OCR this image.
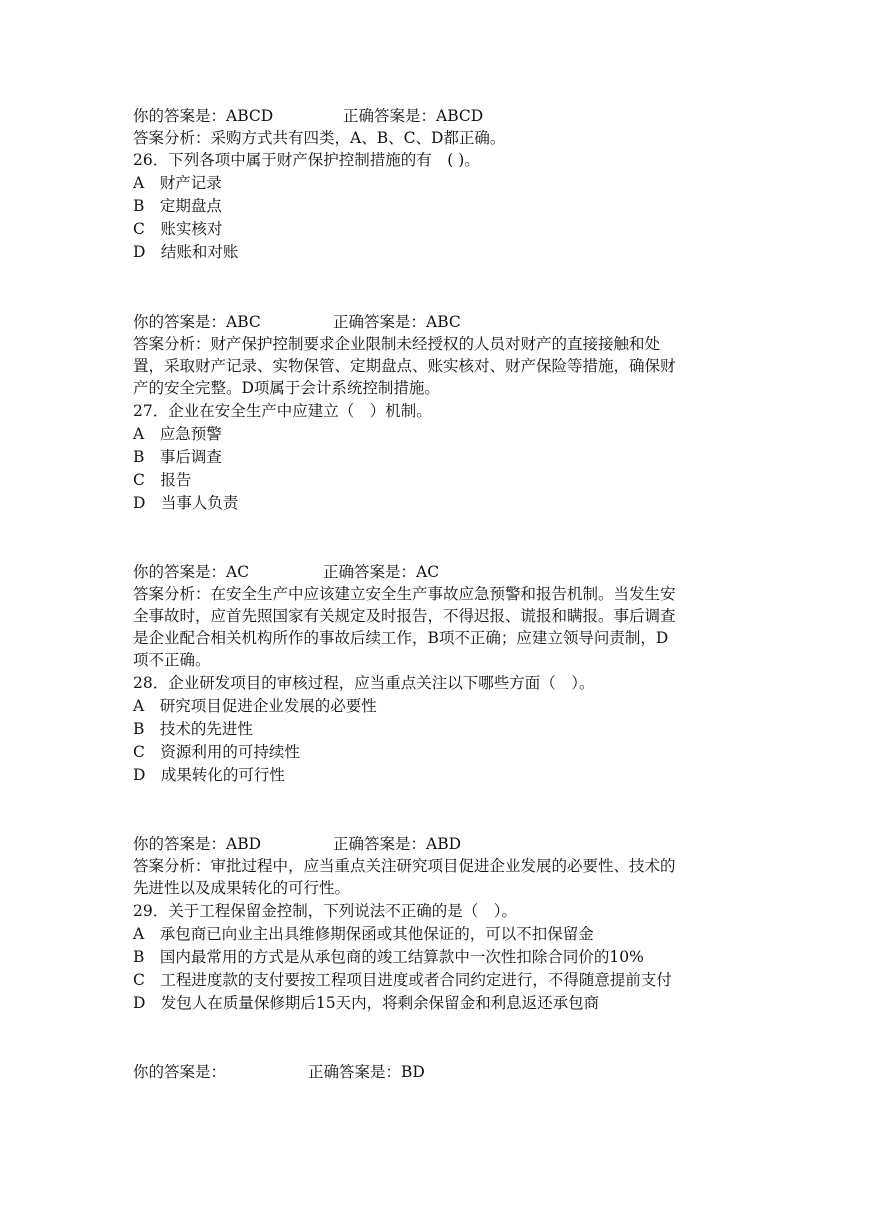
你的答案是：ABCD	正确答案是：ABCD
答案分析：采购方式共有四类，A、B、C、D都正确。
26．下列各项中属于财产保护控制措施的有　( )。
A　财产记录
B　定期盘点
C　账实核对
D　结账和对账
你的答案是：ABC	正确答案是：ABC
答案分析：财产保护控制要求企业限制未经授权的人员对财产的直接接触和处
置，采取财产记录、实物保管、定期盘点、账实核对、财产保险等措施，确保财
产的安全完整。D项属于会计系统控制措施。
27．企业在安全生产中应建立（　）机制。
A　应急预警
B　事后调查
C　报告
D　当事人负责
你的答案是：AC	正确答案是：AC
答案分析：在安全生产中应该建立安全生产事故应急预警和报告机制。当发生安
全事故时，应首先照国家有关规定及时报告，不得迟报、谎报和瞒报。事后调查
是企业配合相关机构所作的事故后续工作，B项不正确；应建立领导问责制，D
项不正确。
28．企业研发项目的审核过程，应当重点关注以下哪些方面（　）。
A　研究项目促进企业发展的必要性
B　技术的先进性
C　资源利用的可持续性
D　成果转化的可行性
你的答案是：ABD	正确答案是：ABD
答案分析：审批过程中，应当重点关注研究项目促进企业发展的必要性、技术的
先进性以及成果转化的可行性。
29．关于工程保留金控制，下列说法不正确的是（　）。
A　承包商已向业主出具维修期保函或其他保证的，可以不扣保留金
B　国内最常用的方式是从承包商的竣工结算款中一次性扣除合同价的10%
C　工程进度款的支付要按工程项目进度或者合同约定进行，不得随意提前支付
D　发包人在质量保修期后15天内，将剩余保留金和利息返还承包商
你的答案是：	正确答案是：BD
